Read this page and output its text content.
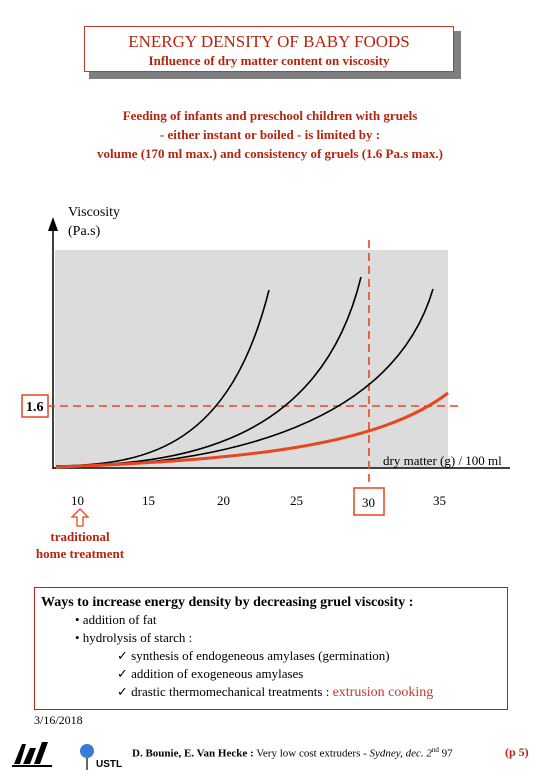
ENERGY DENSITY OF BABY FOODS
Influence of dry matter content on viscosity
Feeding of infants and preschool children with gruels
- either instant or boiled - is limited by :
volume (170 ml max.) and consistency of gruels (1.6 Pa.s max.)
Viscosity
(Pa.s)
dry matter (g) / 100 ml
1.6
10	15	20	25	30	35
traditional
home treatment
Ways to increase energy density by decreasing gruel viscosity :
• addition of fat
• hydrolysis of starch :
✓ synthesis of endogeneous amylases (germination)
✓ addition of exogeneous amylases
✓ drastic thermomechanical treatments : extrusion cooking
3/16/2018
USTL
D. Bounie, E. Van Hecke : Very low cost extruders - Sydney, dec. 2nd 97	(p 5)
